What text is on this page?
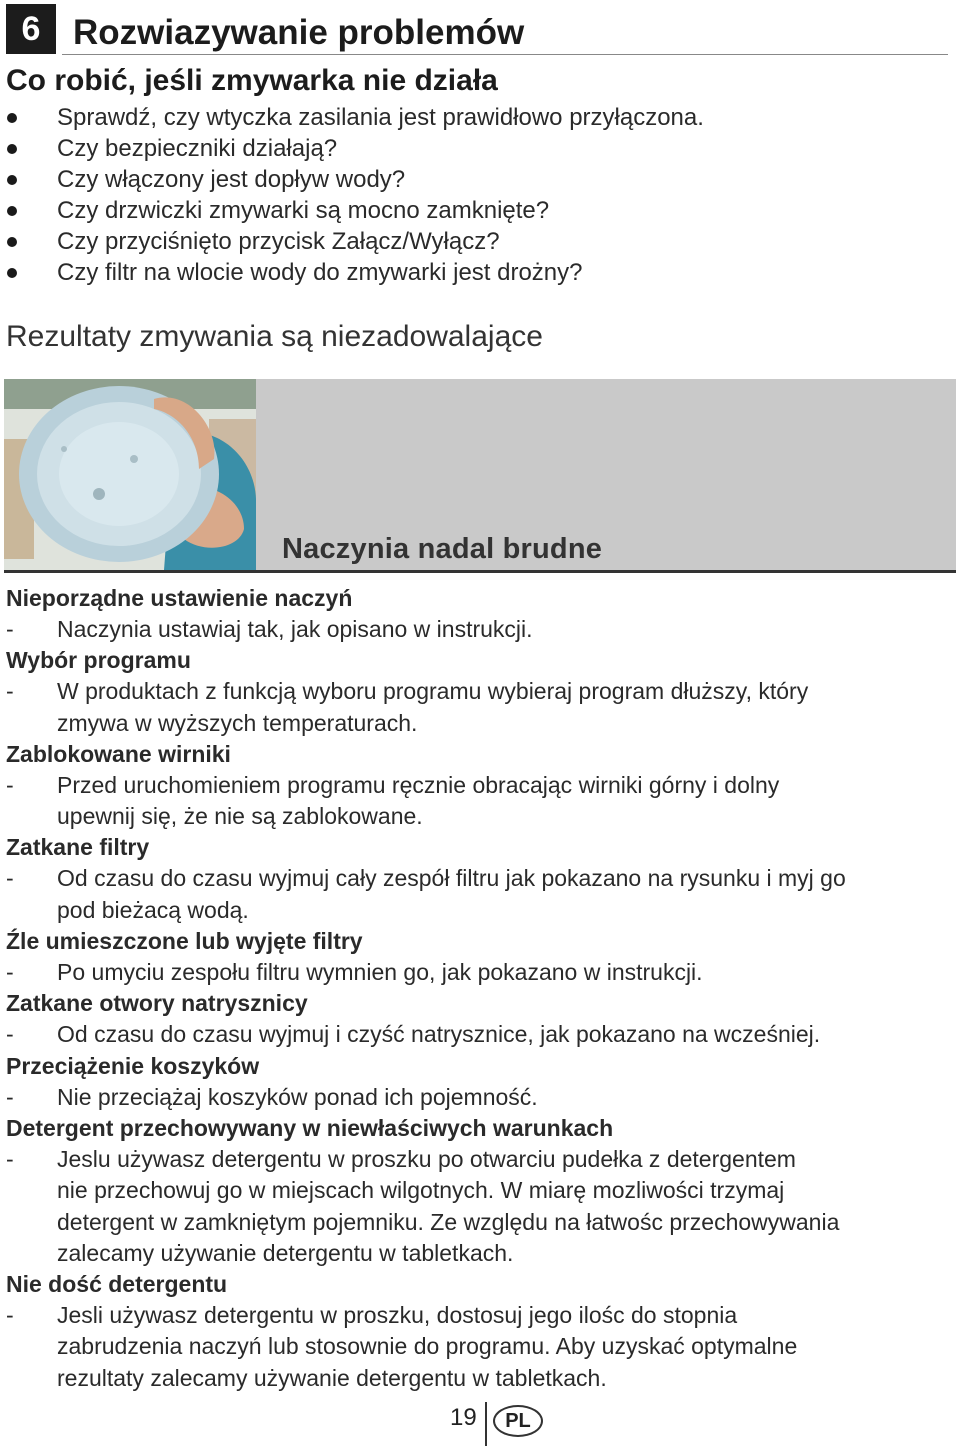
6 Rozwiazywanie problemów
Co robić, jeśli zmywarka nie działa
Sprawdź, czy wtyczka zasilania jest prawidłowo przyłączona.
Czy bezpieczniki działają?
Czy włączony jest dopływ wody?
Czy drzwiczki zmywarki są mocno zamknięte?
Czy przyciśnięto przycisk Załącz/Wyłącz?
Czy filtr na wlocie wody do zmywarki jest drożny?
Rezultaty zmywania są niezadowalające
Naczynia nadal brudne
Nieporządne ustawienie naczyń
- Naczynia ustawiaj tak, jak opisano w instrukcji.
Wybór programu
- W produktach z funkcją wyboru programu wybieraj program dłuższy, który
zmywa w wyższych temperaturach.
Zablokowane wirniki
- Przed uruchomieniem programu ręcznie obracając wirniki górny i dolny
upewnij się, że nie są zablokowane.
Zatkane filtry
- Od czasu do czasu wyjmuj cały zespół filtru jak pokazano na rysunku i myj go
pod bieżacą wodą.
Źle umieszczone lub wyjęte filtry
- Po umyciu zespołu filtru wymnien go, jak pokazano w instrukcji.
Zatkane otwory natrysznicy
- Od czasu do czasu wyjmuj i czyść natrysznice, jak pokazano na wcześniej.
Przeciążenie koszyków
- Nie przeciążaj koszyków ponad ich pojemność.
Detergent przechowywany w niewłaściwych warunkach
- Jeslu używasz detergentu w proszku po otwarciu pudełka z detergentem
nie przechowuj go w miejscach wilgotnych. W miarę mozliwości trzymaj
detergent w zamkniętym pojemniku. Ze względu na łatwośc przechowywania
zalecamy używanie detergentu w tabletkach.
Nie dość detergentu
- Jesli używasz detergentu w proszku, dostosuj jego ilośc do stopnia
zabrudzenia naczyń lub stosownie do programu. Aby uzyskać optymalne
rezultaty zalecamy używanie detergentu w tabletkach.
19 PL
